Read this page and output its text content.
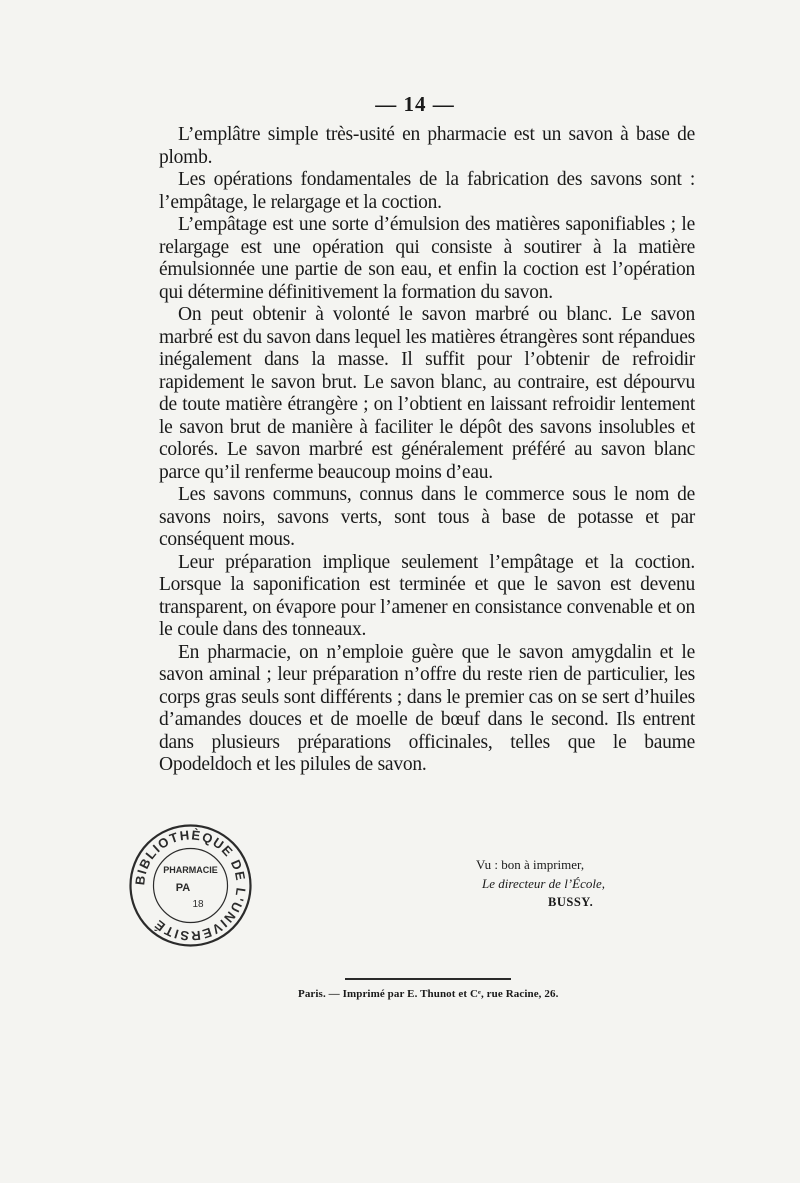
— 14 —

L’emplâtre simple très-usité en pharmacie est un savon à base de plomb.

Les opérations fondamentales de la fabrication des savons sont : l’empâtage, le relargage et la coction.

L’empâtage est une sorte d’émulsion des matières saponifiables ; le relargage est une opération qui consiste à soutirer à la matière émulsionnée une partie de son eau, et enfin la coction est l’opération qui détermine définitivement la formation du savon.

On peut obtenir à volonté le savon marbré ou blanc. Le savon marbré est du savon dans lequel les matières étrangères sont répandues inégalement dans la masse. Il suffit pour l’obtenir de refroidir rapidement le savon brut. Le savon blanc, au contraire, est dépourvu de toute matière étrangère ; on l’obtient en laissant refroidir lentement le savon brut de manière à faciliter le dépôt des savons insolubles et colorés. Le savon marbré est généralement préféré au savon blanc parce qu’il renferme beaucoup moins d’eau.

Les savons communs, connus dans le commerce sous le nom de savons noirs, savons verts, sont tous à base de potasse et par conséquent mous.

Leur préparation implique seulement l’empâtage et la coction. Lorsque la saponification est terminée et que le savon est devenu transparent, on évapore pour l’amener en consistance convenable et on le coule dans des tonneaux.

En pharmacie, on n’emploie guère que le savon amygdalin et le savon aminal ; leur préparation n’offre du reste rien de particulier, les corps gras seuls sont différents ; dans le premier cas on se sert d’huiles d’amandes douces et de moelle de bœuf dans le second. Ils entrent dans plusieurs préparations officinales, telles que le baume Opodeldoch et les pilules de savon.

BIBLIOTHÈQUE DE L'UNIVERSITÉ
PHARMACIE
PA
18
Vu : bon à imprimer,
Le directeur de l’École,
BUSSY.
Paris. — Imprimé par E. Thunot et Cᵉ, rue Racine, 26.
